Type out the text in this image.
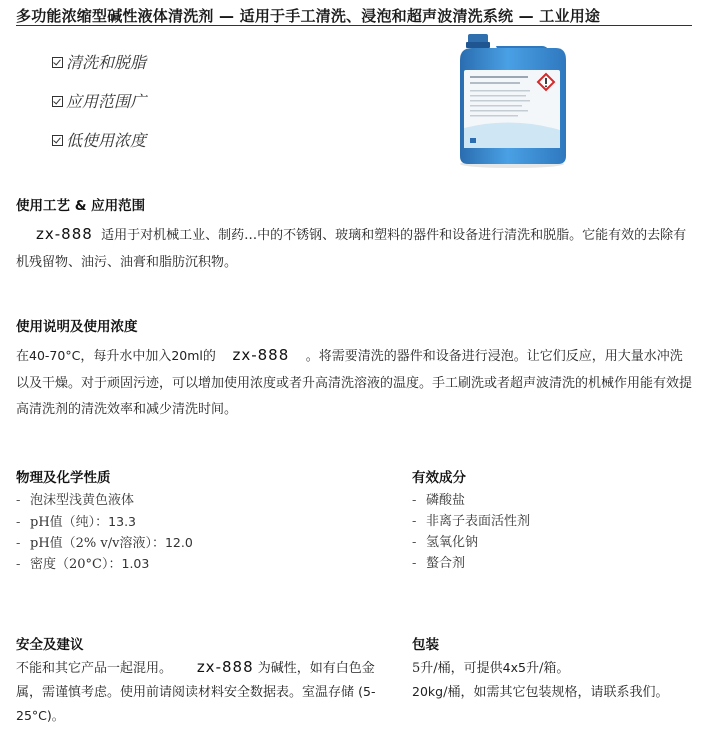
多功能浓缩型碱性液体清洗剂 — 适用于手工清洗、浸泡和超声波清洗系统 — 工业用途
清洗和脱脂
应用范围广
低使用浓度
使用工艺 & 应用范围
zx-888 适用于对机械工业、制药…中的不锈钢、玻璃和塑料的器件和设备进行清洗和脱脂。它能有效的去除有机残留物、油污、油膏和脂肪沉积物。
使用说明及使用浓度
在40-70°C，每升水中加入20ml的 zx-888 。将需要清洗的器件和设备进行浸泡。让它们反应，用大量水冲洗以及干燥。对于顽固污迹，可以增加使用浓度或者升高清洗溶液的温度。手工刷洗或者超声波清洗的机械作用能有效提高清洗剂的清洗效率和减少清洗时间。
物理及化学性质
- 泡沫型浅黄色液体
- pH值（纯）：13.3
- pH值（2% v/v溶液）：12.0
- 密度（20°C）：1.03
有效成分
- 磷酸盐
- 非离子表面活性剂
- 氢氧化钠
- 螯合剂
安全及建议
不能和其它产品一起混用。 zx-888 为碱性，如有白色金属，需谨慎考虑。使用前请阅读材料安全数据表。室温存储 (5-25°C)。
包装
5升/桶，可提供4x5升/箱。
20kg/桶，如需其它包装规格，请联系我们。
